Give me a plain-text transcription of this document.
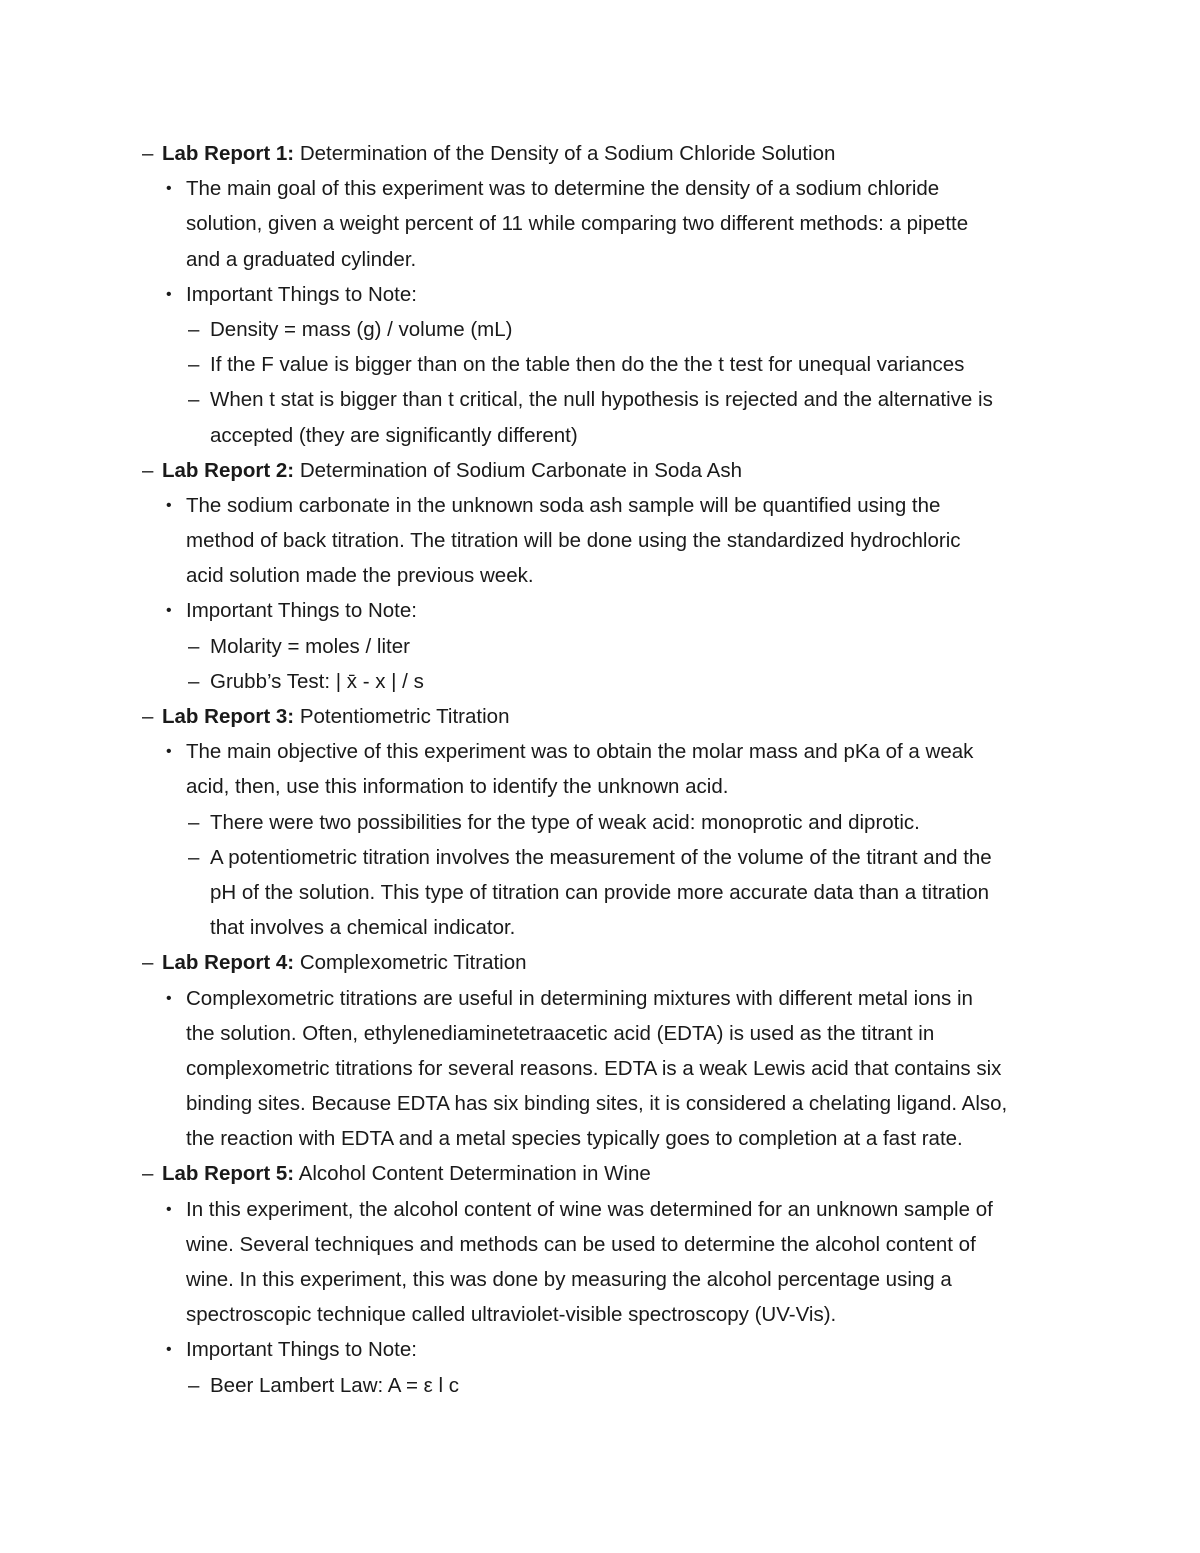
– Lab Report 1: Determination of the Density of a Sodium Chloride Solution
• The main goal of this experiment was to determine the density of a sodium chloride
solution, given a weight percent of 11 while comparing two different methods: a pipette
and a graduated cylinder.
• Important Things to Note:
– Density = mass (g) / volume (mL)
– If the F value is bigger than on the table then do the the t test for unequal variances
– When t stat is bigger than t critical, the null hypothesis is rejected and the alternative is
accepted (they are significantly different)
– Lab Report 2: Determination of Sodium Carbonate in Soda Ash
• The sodium carbonate in the unknown soda ash sample will be quantified using the
method of back titration. The titration will be done using the standardized hydrochloric
acid solution made the previous week.
• Important Things to Note:
– Molarity = moles / liter
– Grubb’s Test: | x̄ - x | / s
– Lab Report 3: Potentiometric Titration
• The main objective of this experiment was to obtain the molar mass and pKa of a weak
acid, then, use this information to identify the unknown acid.
– There were two possibilities for the type of weak acid: monoprotic and diprotic.
– A potentiometric titration involves the measurement of the volume of the titrant and the
pH of the solution. This type of titration can provide more accurate data than a titration
that involves a chemical indicator.
– Lab Report 4: Complexometric Titration
• Complexometric titrations are useful in determining mixtures with different metal ions in
the solution. Often, ethylenediaminetetraacetic acid (EDTA) is used as the titrant in
complexometric titrations for several reasons. EDTA is a weak Lewis acid that contains six
binding sites. Because EDTA has six binding sites, it is considered a chelating ligand. Also,
the reaction with EDTA and a metal species typically goes to completion at a fast rate.
– Lab Report 5: Alcohol Content Determination in Wine
• In this experiment, the alcohol content of wine was determined for an unknown sample of
wine. Several techniques and methods can be used to determine the alcohol content of
wine. In this experiment, this was done by measuring the alcohol percentage using a
spectroscopic technique called ultraviolet-visible spectroscopy (UV-Vis).
• Important Things to Note:
– Beer Lambert Law: A = ε l c
